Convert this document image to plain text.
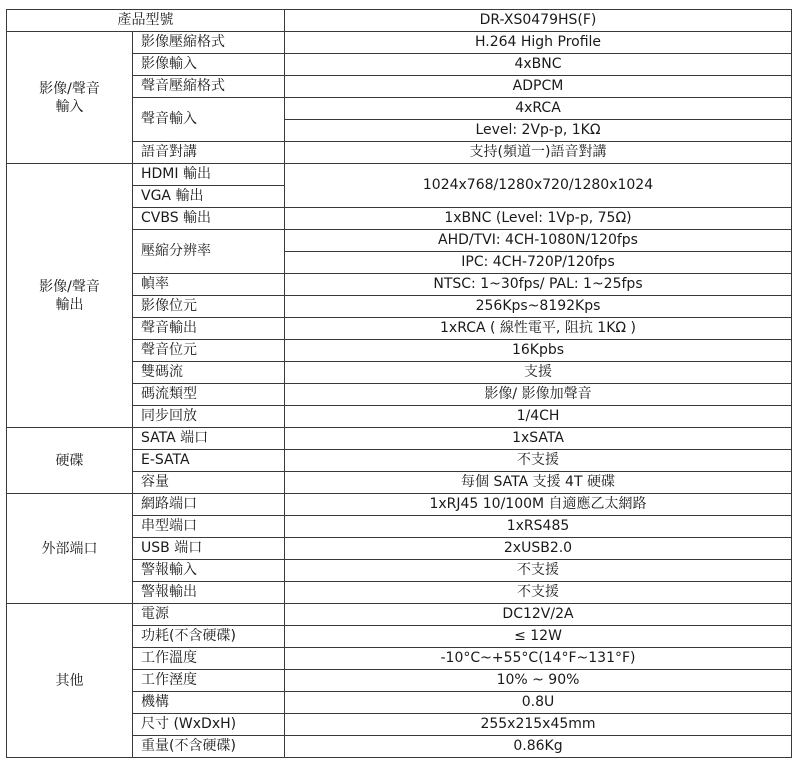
產品型號		DR-XS0479HS(F)
影像/聲音
輸入	影像壓縮格式	H.264 High Profile
	影像輸入	4xBNC
	聲音壓縮格式	ADPCM
	聲音輸入	4xRCA
		Level: 2Vp-p, 1KΩ
	語音對講	支持(頻道一)語音對講
影像/聲音
輸出	HDMI 輸出	1024x768/1280x720/1280x1024
	VGA 輸出	
	CVBS 輸出	1xBNC (Level: 1Vp-p, 75Ω)
	壓縮分辨率	AHD/TVI: 4CH-1080N/120fps
		IPC: 4CH-720P/120fps
	幀率	NTSC: 1~30fps/ PAL: 1~25fps
	影像位元	256Kps~8192Kps
	聲音輸出	1xRCA ( 線性電平, 阻抗 1KΩ )
	聲音位元	16Kpbs
	雙碼流	支援
	碼流類型	影像/ 影像加聲音
	同步回放	1/4CH
硬碟	SATA 端口	1xSATA
	E-SATA	不支援
	容量	每個 SATA 支援 4T 硬碟
外部端口	網路端口	1xRJ45 10/100M 自適應乙太網路
	串型端口	1xRS485
	USB 端口	2xUSB2.0
	警報輸入	不支援
	警報輸出	不支援
其他	電源	DC12V/2A
	功耗(不含硬碟)	≤ 12W
	工作溫度	-10°C~+55°C(14°F~131°F)
	工作溼度	10% ~ 90%
	機構	0.8U
	尺寸 (WxDxH)	255x215x45mm
	重量(不含硬碟)	0.86Kg
